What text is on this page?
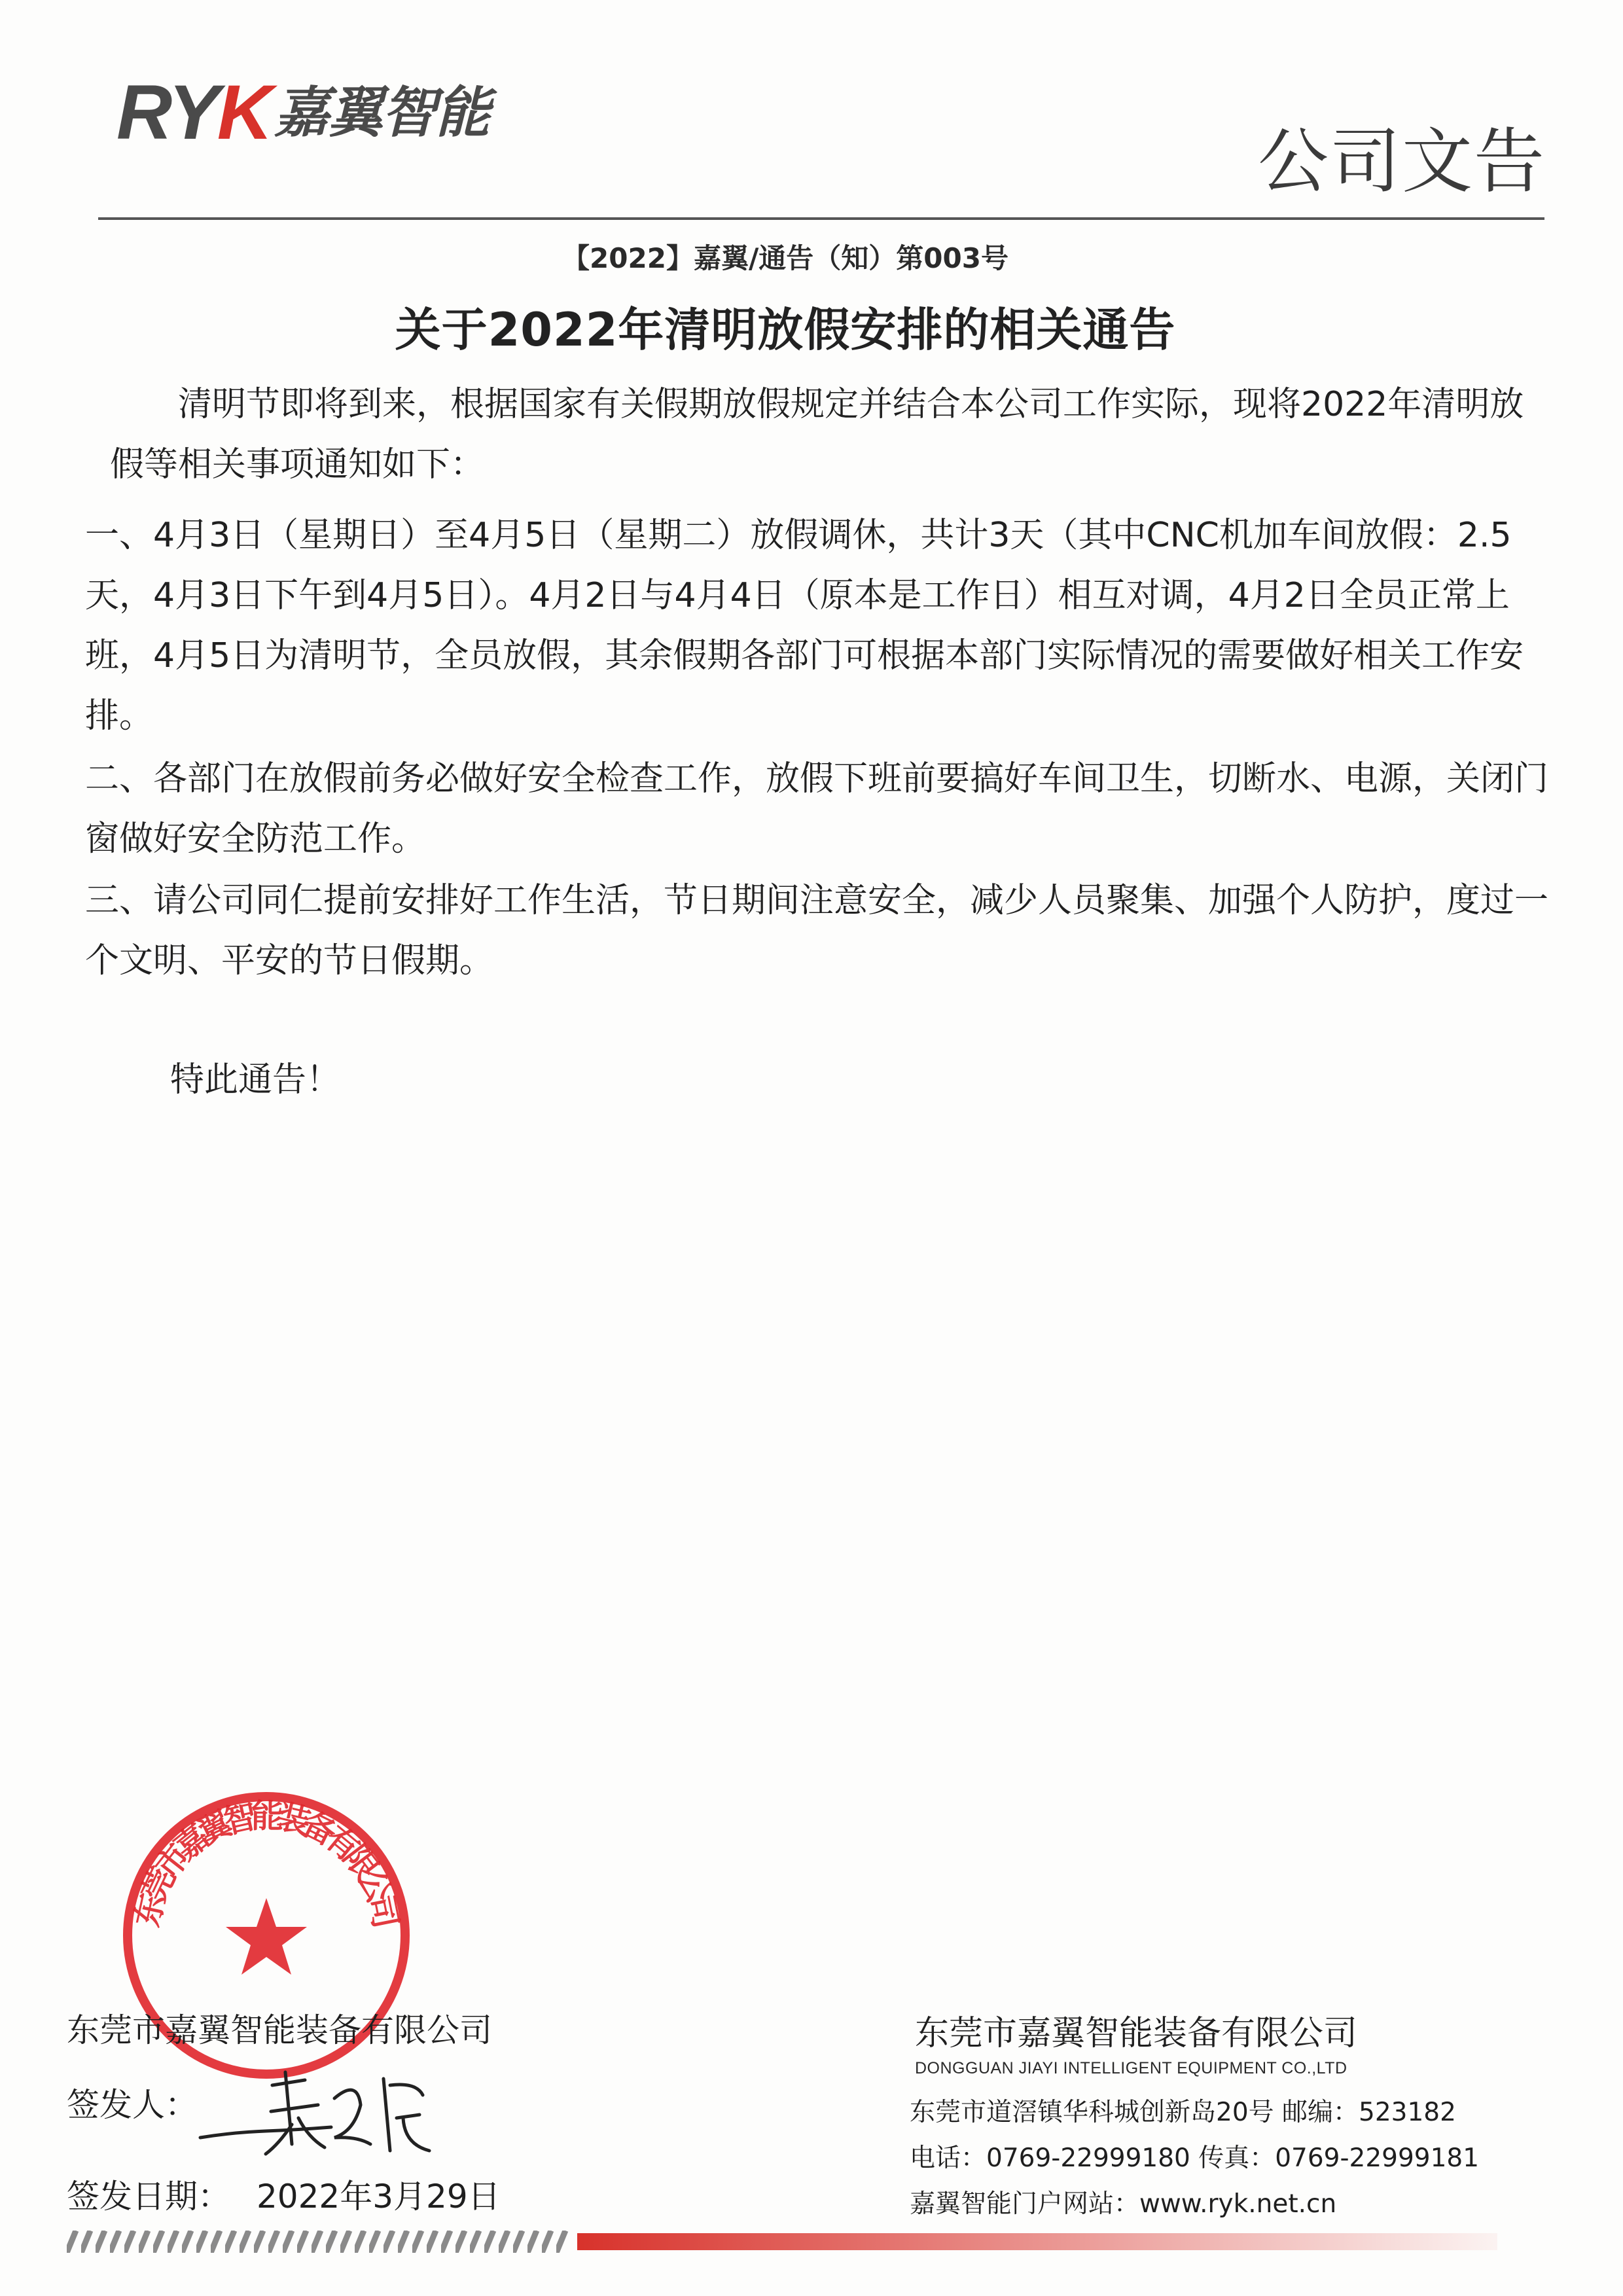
RYK 嘉翼智能
公司文告
【2022】嘉翼/通告（知）第003号
关于2022年清明放假安排的相关通告
清明节即将到来，根据国家有关假期放假规定并结合本公司工作实际，现将2022年清明放假等相关事项通知如下：
一、4月3日（星期日）至4月5日（星期二）放假调休，共计3天（其中CNC机加车间放假：2.5天，4月3日下午到4月5日）。4月2日与4月4日（原本是工作日）相互对调，4月2日全员正常上班，4月5日为清明节，全员放假，其余假期各部门可根据本部门实际情况的需要做好相关工作安排。
二、各部门在放假前务必做好安全检查工作，放假下班前要搞好车间卫生，切断水、电源，关闭门窗做好安全防范工作。
三、请公司同仁提前安排好工作生活，节日期间注意安全，减少人员聚集、加强个人防护，度过一个文明、平安的节日假期。
特此通告！
东莞市嘉翼智能装备有限公司
东莞市嘉翼智能装备有限公司
签发人：
签发日期： 2022年3月29日
东莞市嘉翼智能装备有限公司
DONGGUAN JIAYI INTELLIGENT EQUIPMENT CO.,LTD
东莞市道滘镇华科城创新岛20号 邮编：523182
电话：0769-22999180 传真：0769-22999181
嘉翼智能门户网站：www.ryk.net.cn
